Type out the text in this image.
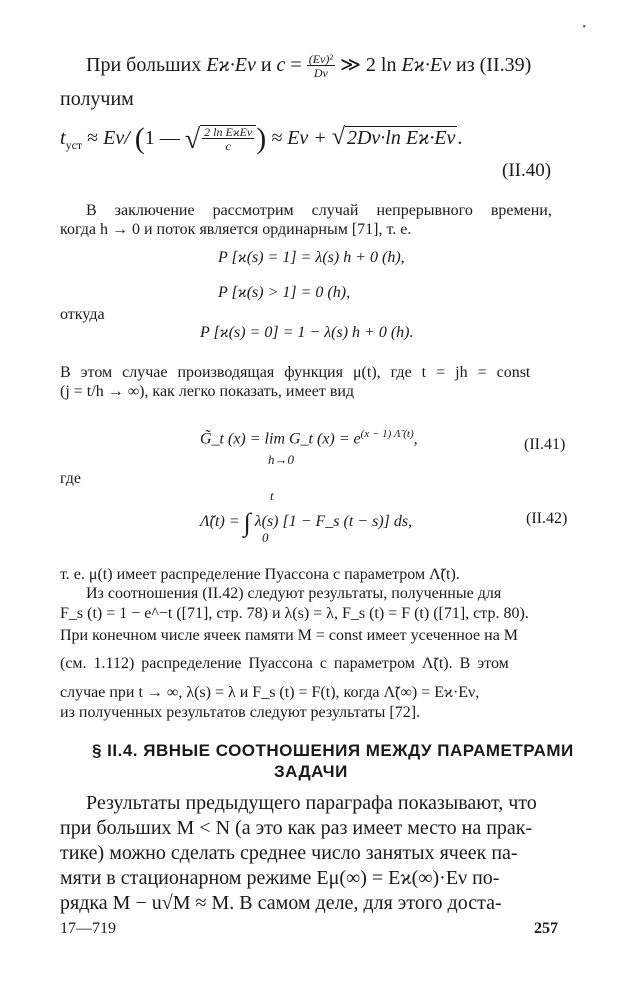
•
При больших Eϰ·Eν и $c = \frac{\text{(Eν)²}}{D\nu}$ ≫ 2 ln Eϰ·Eν из (II.39)
получим
$t_{уст} \approx E\nu/$ (1 — √ $\frac{\text{2 ln EϰEν}}{c}$ ) ≈ Eν + √ 2Dν·ln Eϰ·Eν .
(II.40)
В заключение рассмотрим случай непрерывного времени,
когда h → 0 и поток является ординарным [71], т. е.
P [ϰ(s) = 1] = λ(s) h + 0 (h),
P [ϰ(s) > 1] = 0 (h),
откуда
P [ϰ(s) = 0] = 1 − λ(s) h + 0 (h).
В этом случае производящая функция μ(t), где t = jh = const
(j = t/h → ∞), как легко показать, имеет вид
G̃_t (x) = lim G_t $(x) = e^{(x - 1) \Lambdã (t)}$,
h→0
(II.41)
где
t
Λ̃(t) = ∫ λ(s) [1 − F_s (t − s)] ds,
0
(II.42)
т. е. μ(t) имеет распределение Пуассона с параметром Λ̃(t).
Из соотношения (II.42) следуют результаты, полученные для
F_s (t) = 1 − e^−t ([71], стр. 78) и λ(s) = λ, F_s (t) = F (t) ([71], стр. 80).
При конечном числе ячеек памяти M = const имеет усеченное на M
(см. 1.112) распределение Пуассона с параметром Λ̃(t). В этом
случае при t → ∞, λ(s) = λ и F_s (t) = F(t), когда Λ̃(∞) = Eϰ·Eν,
из полученных результатов следуют результаты [72].
§ II.4. ЯВНЫЕ СООТНОШЕНИЯ МЕЖДУ ПАРАМЕТРАМИ
ЗАДАЧИ
Результаты предыдущего параграфа показывают, что
при больших M < N (а это как раз имеет место на прак-
тике) можно сделать среднее число занятых ячеек па-
мяти в стационарном режиме Eμ(∞) = Eϰ(∞)·Eν по-
рядка M − u√M ≈ M. В самом деле, для этого доста-
17—719	257
